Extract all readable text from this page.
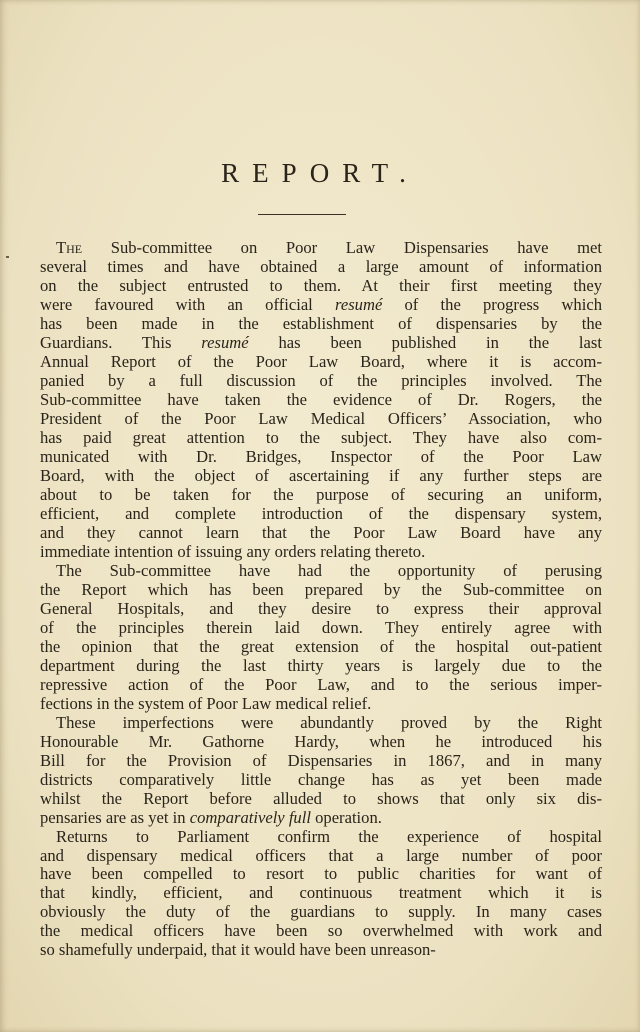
REPORT.
The Sub-committee on Poor Law Dispensaries have met
several times and have obtained a large amount of information
on the subject entrusted to them. At their first meeting they
were favoured with an official resumé of the progress which
has been made in the establishment of dispensaries by the
Guardians. This resumé has been published in the last
Annual Report of the Poor Law Board, where it is accom-
panied by a full discussion of the principles involved. The
Sub-committee have taken the evidence of Dr. Rogers, the
President of the Poor Law Medical Officers’ Association, who
has paid great attention to the subject. They have also com-
municated with Dr. Bridges, Inspector of the Poor Law
Board, with the object of ascertaining if any further steps are
about to be taken for the purpose of securing an uniform,
efficient, and complete introduction of the dispensary system,
and they cannot learn that the Poor Law Board have any
immediate intention of issuing any orders relating thereto.
The Sub-committee have had the opportunity of perusing
the Report which has been prepared by the Sub-committee on
General Hospitals, and they desire to express their approval
of the principles therein laid down. They entirely agree with
the opinion that the great extension of the hospital out-patient
department during the last thirty years is largely due to the
repressive action of the Poor Law, and to the serious imper-
fections in the system of Poor Law medical relief.
These imperfections were abundantly proved by the Right
Honourable Mr. Gathorne Hardy, when he introduced his
Bill for the Provision of Dispensaries in 1867, and in many
districts comparatively little change has as yet been made
whilst the Report before alluded to shows that only six dis-
pensaries are as yet in comparatively full operation.
Returns to Parliament confirm the experience of hospital
and dispensary medical officers that a large number of poor
have been compelled to resort to public charities for want of
that kindly, efficient, and continuous treatment which it is
obviously the duty of the guardians to supply. In many cases
the medical officers have been so overwhelmed with work and
so shamefully underpaid, that it would have been unreason-
